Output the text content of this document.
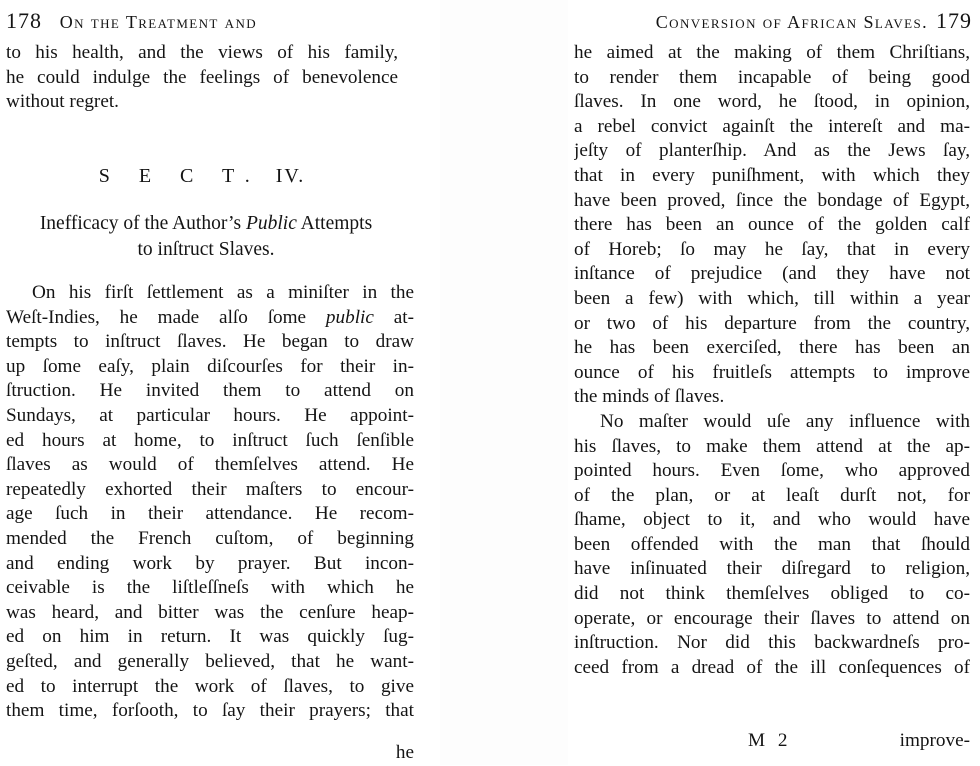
178 On the Treatment and
to his health, and the views of his family,
he could indulge the feelings of benevolence
without regret.
S E C T. IV.
Inefficacy of the Author’s Public Attempts
to inſtruct Slaves.
On his firſt ſettlement as a miniſter in the
Weſt-Indies, he made alſo ſome public at-
tempts to inſtruct ſlaves. He began to draw
up ſome eaſy, plain diſcourſes for their in-
ſtruction. He invited them to attend on
Sundays, at particular hours. He appoint-
ed hours at home, to inſtruct ſuch ſenſible
ſlaves as would of themſelves attend. He
repeatedly exhorted their maſters to encour-
age ſuch in their attendance. He recom-
mended the French cuſtom, of beginning
and ending work by prayer. But incon-
ceivable is the liſtleſſneſs with which he
was heard, and bitter was the cenſure heap-
ed on him in return. It was quickly ſug-
geſted, and generally believed, that he want-
ed to interrupt the work of ſlaves, to give
them time, forſooth, to ſay their prayers; that
he
Conversion of African Slaves. 179
he aimed at the making of them Chriſtians,
to render them incapable of being good
ſlaves. In one word, he ſtood, in opinion,
a rebel convict againſt the intereſt and ma-
jeſty of planterſhip. And as the Jews ſay,
that in every puniſhment, with which they
have been proved, ſince the bondage of Egypt,
there has been an ounce of the golden calf
of Horeb; ſo may he ſay, that in every
inſtance of prejudice (and they have not
been a few) with which, till within a year
or two of his departure from the country,
he has been exerciſed, there has been an
ounce of his fruitleſs attempts to improve
the minds of ſlaves.
No maſter would uſe any influence with
his ſlaves, to make them attend at the ap-
pointed hours. Even ſome, who approved
of the plan, or at leaſt durſt not, for
ſhame, object to it, and who would have
been offended with the man that ſhould
have inſinuated their diſregard to religion,
did not think themſelves obliged to co-
operate, or encourage their ſlaves to attend on
inſtruction. Nor did this backwardneſs pro-
ceed from a dread of the ill conſequences of
M 2	improve-
